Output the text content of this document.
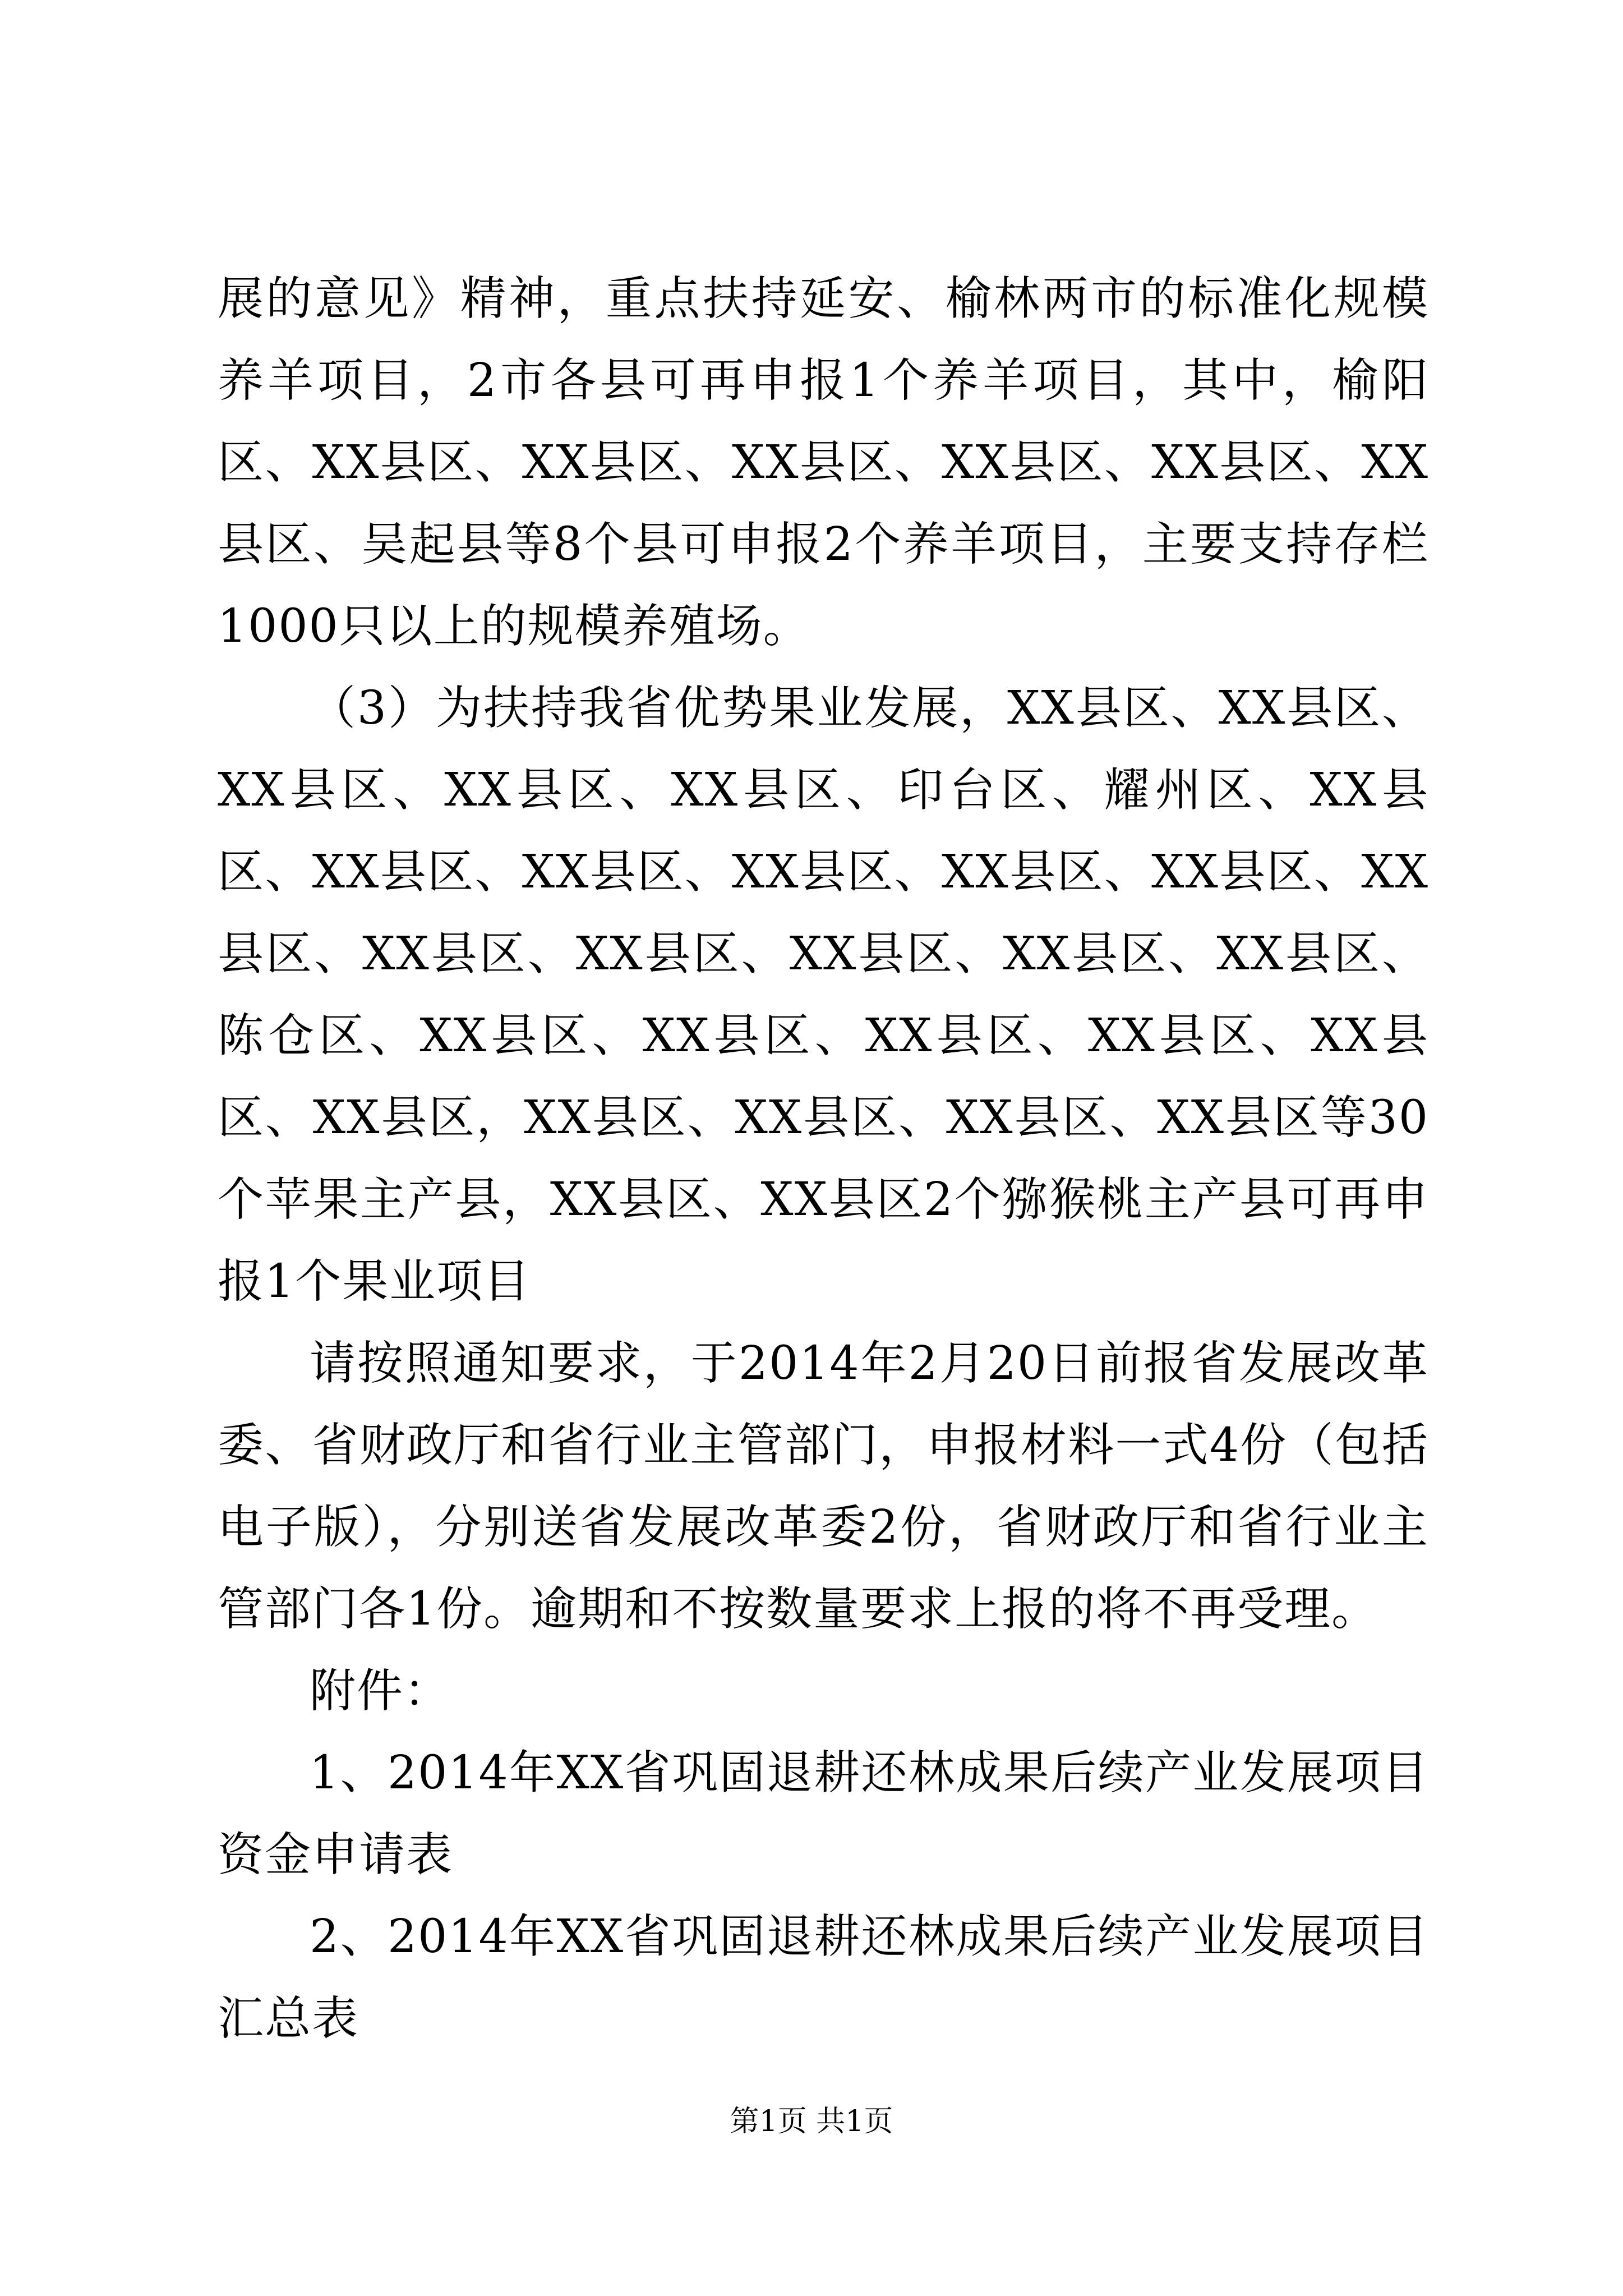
展的意见》精神，重点扶持延安、榆林两市的标准化规模养羊项目，2市各县可再申报1个养羊项目，其中，榆阳区、XX县区、XX县区、XX县区、XX县区、XX县区、XX县区、吴起县等8个县可申报2个养羊项目，主要支持存栏1000只以上的规模养殖场。

（3）为扶持我省优势果业发展，XX县区、XX县区、XX县区、XX县区、XX县区、印台区、耀州区、XX县区、XX县区、XX县区、XX县区、XX县区、XX县区、XX县区、XX县区、XX县区、XX县区、XX县区、XX县区、陈仓区、XX县区、XX县区、XX县区、XX县区、XX县区、XX县区，XX县区、XX县区、XX县区、XX县区等30个苹果主产县，XX县区、XX县区2个猕猴桃主产县可再申报1个果业项目

请按照通知要求，于2014年2月20日前报省发展改革委、省财政厅和省行业主管部门，申报材料一式4份（包括电子版），分别送省发展改革委2份，省财政厅和省行业主管部门各1份。逾期和不按数量要求上报的将不再受理。

附件：

1、2014年XX省巩固退耕还林成果后续产业发展项目资金申请表

2、2014年XX省巩固退耕还林成果后续产业发展项目汇总表

第1页 共1页
